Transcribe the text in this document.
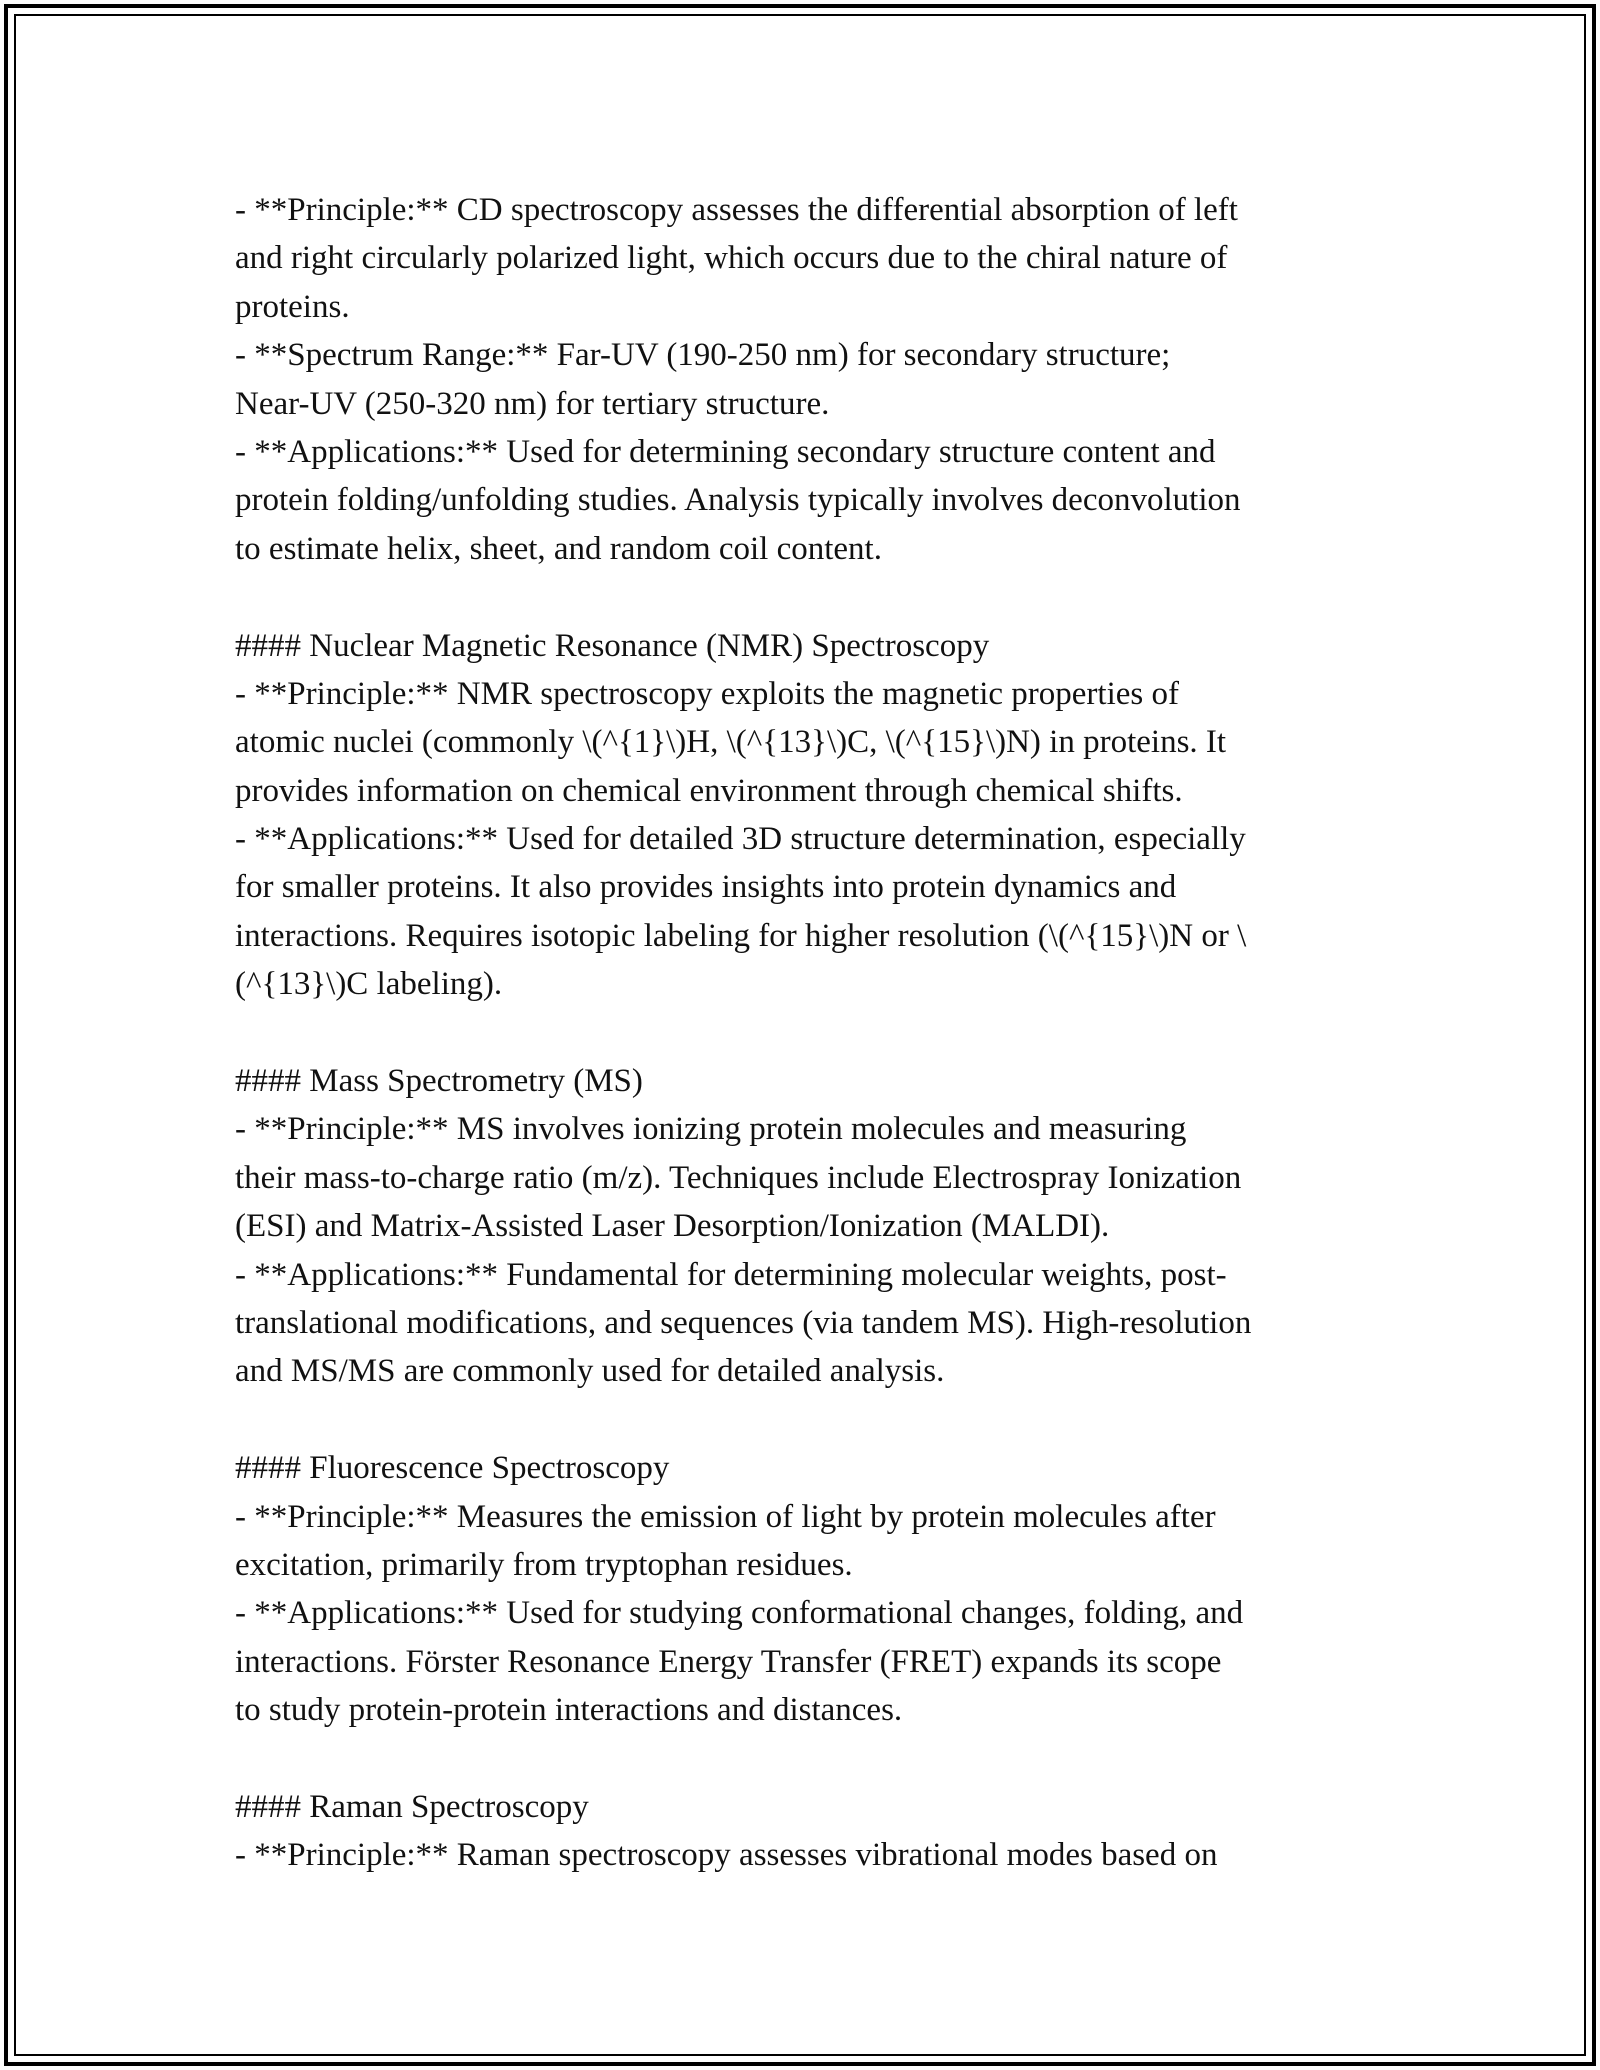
- **Principle:** CD spectroscopy assesses the differential absorption of left
and right circularly polarized light, which occurs due to the chiral nature of
proteins.
- **Spectrum Range:** Far-UV (190-250 nm) for secondary structure;
Near-UV (250-320 nm) for tertiary structure.
- **Applications:** Used for determining secondary structure content and
protein folding/unfolding studies. Analysis typically involves deconvolution
to estimate helix, sheet, and random coil content.
#### Nuclear Magnetic Resonance (NMR) Spectroscopy
- **Principle:** NMR spectroscopy exploits the magnetic properties of
atomic nuclei (commonly \(^{1}\)H, \(^{13}\)C, \(^{15}\)N) in proteins. It
provides information on chemical environment through chemical shifts.
- **Applications:** Used for detailed 3D structure determination, especially
for smaller proteins. It also provides insights into protein dynamics and
interactions. Requires isotopic labeling for higher resolution (\(^{15}\)N or \
(^{13}\)C labeling).
#### Mass Spectrometry (MS)
- **Principle:** MS involves ionizing protein molecules and measuring
their mass-to-charge ratio (m/z). Techniques include Electrospray Ionization
(ESI) and Matrix-Assisted Laser Desorption/Ionization (MALDI).
- **Applications:** Fundamental for determining molecular weights, post-
translational modifications, and sequences (via tandem MS). High-resolution
and MS/MS are commonly used for detailed analysis.
#### Fluorescence Spectroscopy
- **Principle:** Measures the emission of light by protein molecules after
excitation, primarily from tryptophan residues.
- **Applications:** Used for studying conformational changes, folding, and
interactions. Förster Resonance Energy Transfer (FRET) expands its scope
to study protein-protein interactions and distances.
#### Raman Spectroscopy
- **Principle:** Raman spectroscopy assesses vibrational modes based on
